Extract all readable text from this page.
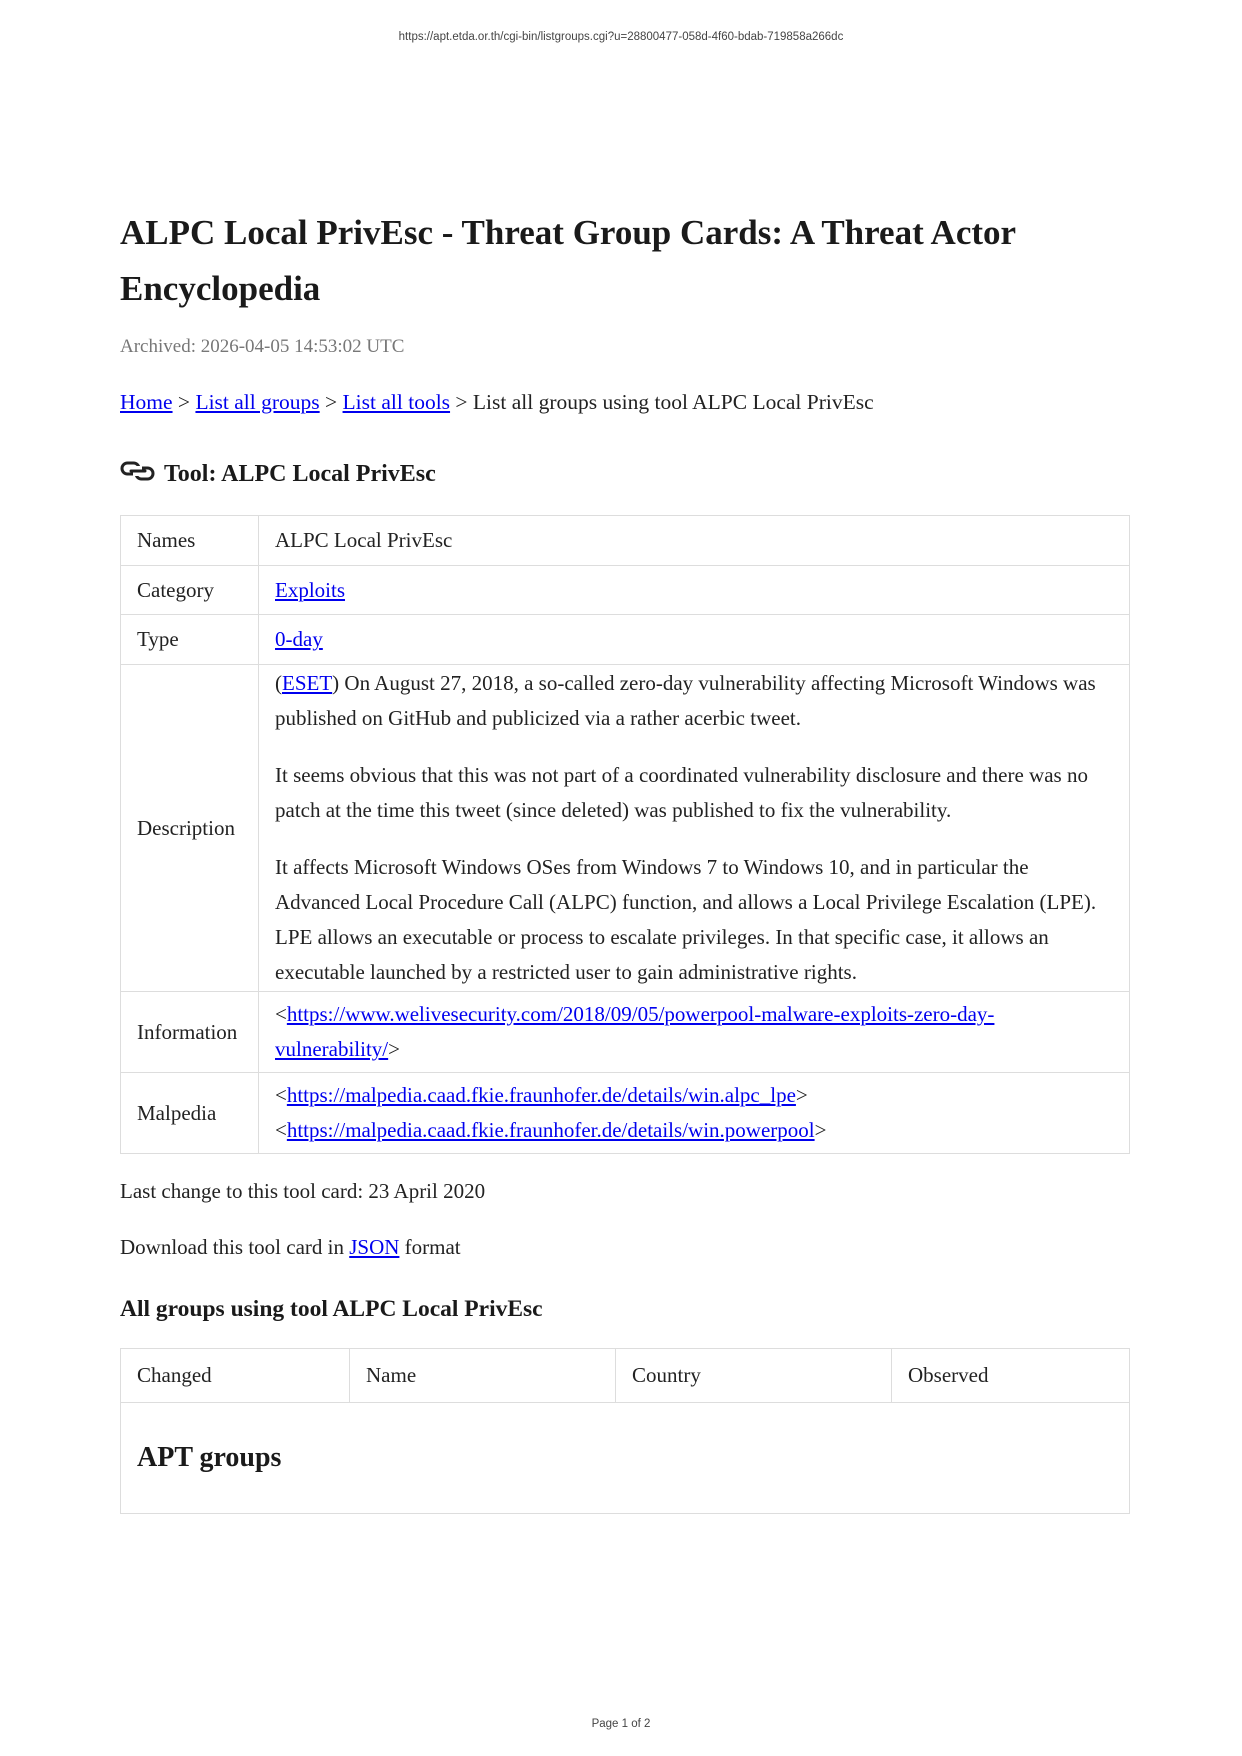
https://apt.etda.or.th/cgi-bin/listgroups.cgi?u=28800477-058d-4f60-bdab-719858a266dc
ALPC Local PrivEsc - Threat Group Cards: A Threat Actor Encyclopedia
Archived: 2026-04-05 14:53:02 UTC
Home > List all groups > List all tools > List all groups using tool ALPC Local PrivEsc
Tool: ALPC Local PrivEsc
Names	ALPC Local PrivEsc
Category	Exploits
Type	0-day
Description	(ESET) On August 27, 2018, a so-called zero-day vulnerability affecting Microsoft Windows was published on GitHub and publicized via a rather acerbic tweet.

It seems obvious that this was not part of a coordinated vulnerability disclosure and there was no patch at the time this tweet (since deleted) was published to fix the vulnerability.

It affects Microsoft Windows OSes from Windows 7 to Windows 10, and in particular the Advanced Local Procedure Call (ALPC) function, and allows a Local Privilege Escalation (LPE). LPE allows an executable or process to escalate privileges. In that specific case, it allows an executable launched by a restricted user to gain administrative rights.

Information	<https://www.welivesecurity.com/2018/09/05/powerpool-malware-exploits-zero-day-vulnerability/>

Malpedia	<https://malpedia.caad.fkie.fraunhofer.de/details/win.alpc_lpe>
<https://malpedia.caad.fkie.fraunhofer.de/details/win.powerpool>
Last change to this tool card: 23 April 2020
Download this tool card in JSON format
All groups using tool ALPC Local PrivEsc
Changed	Name	Country	Observed
APT groups
Page 1 of 2
